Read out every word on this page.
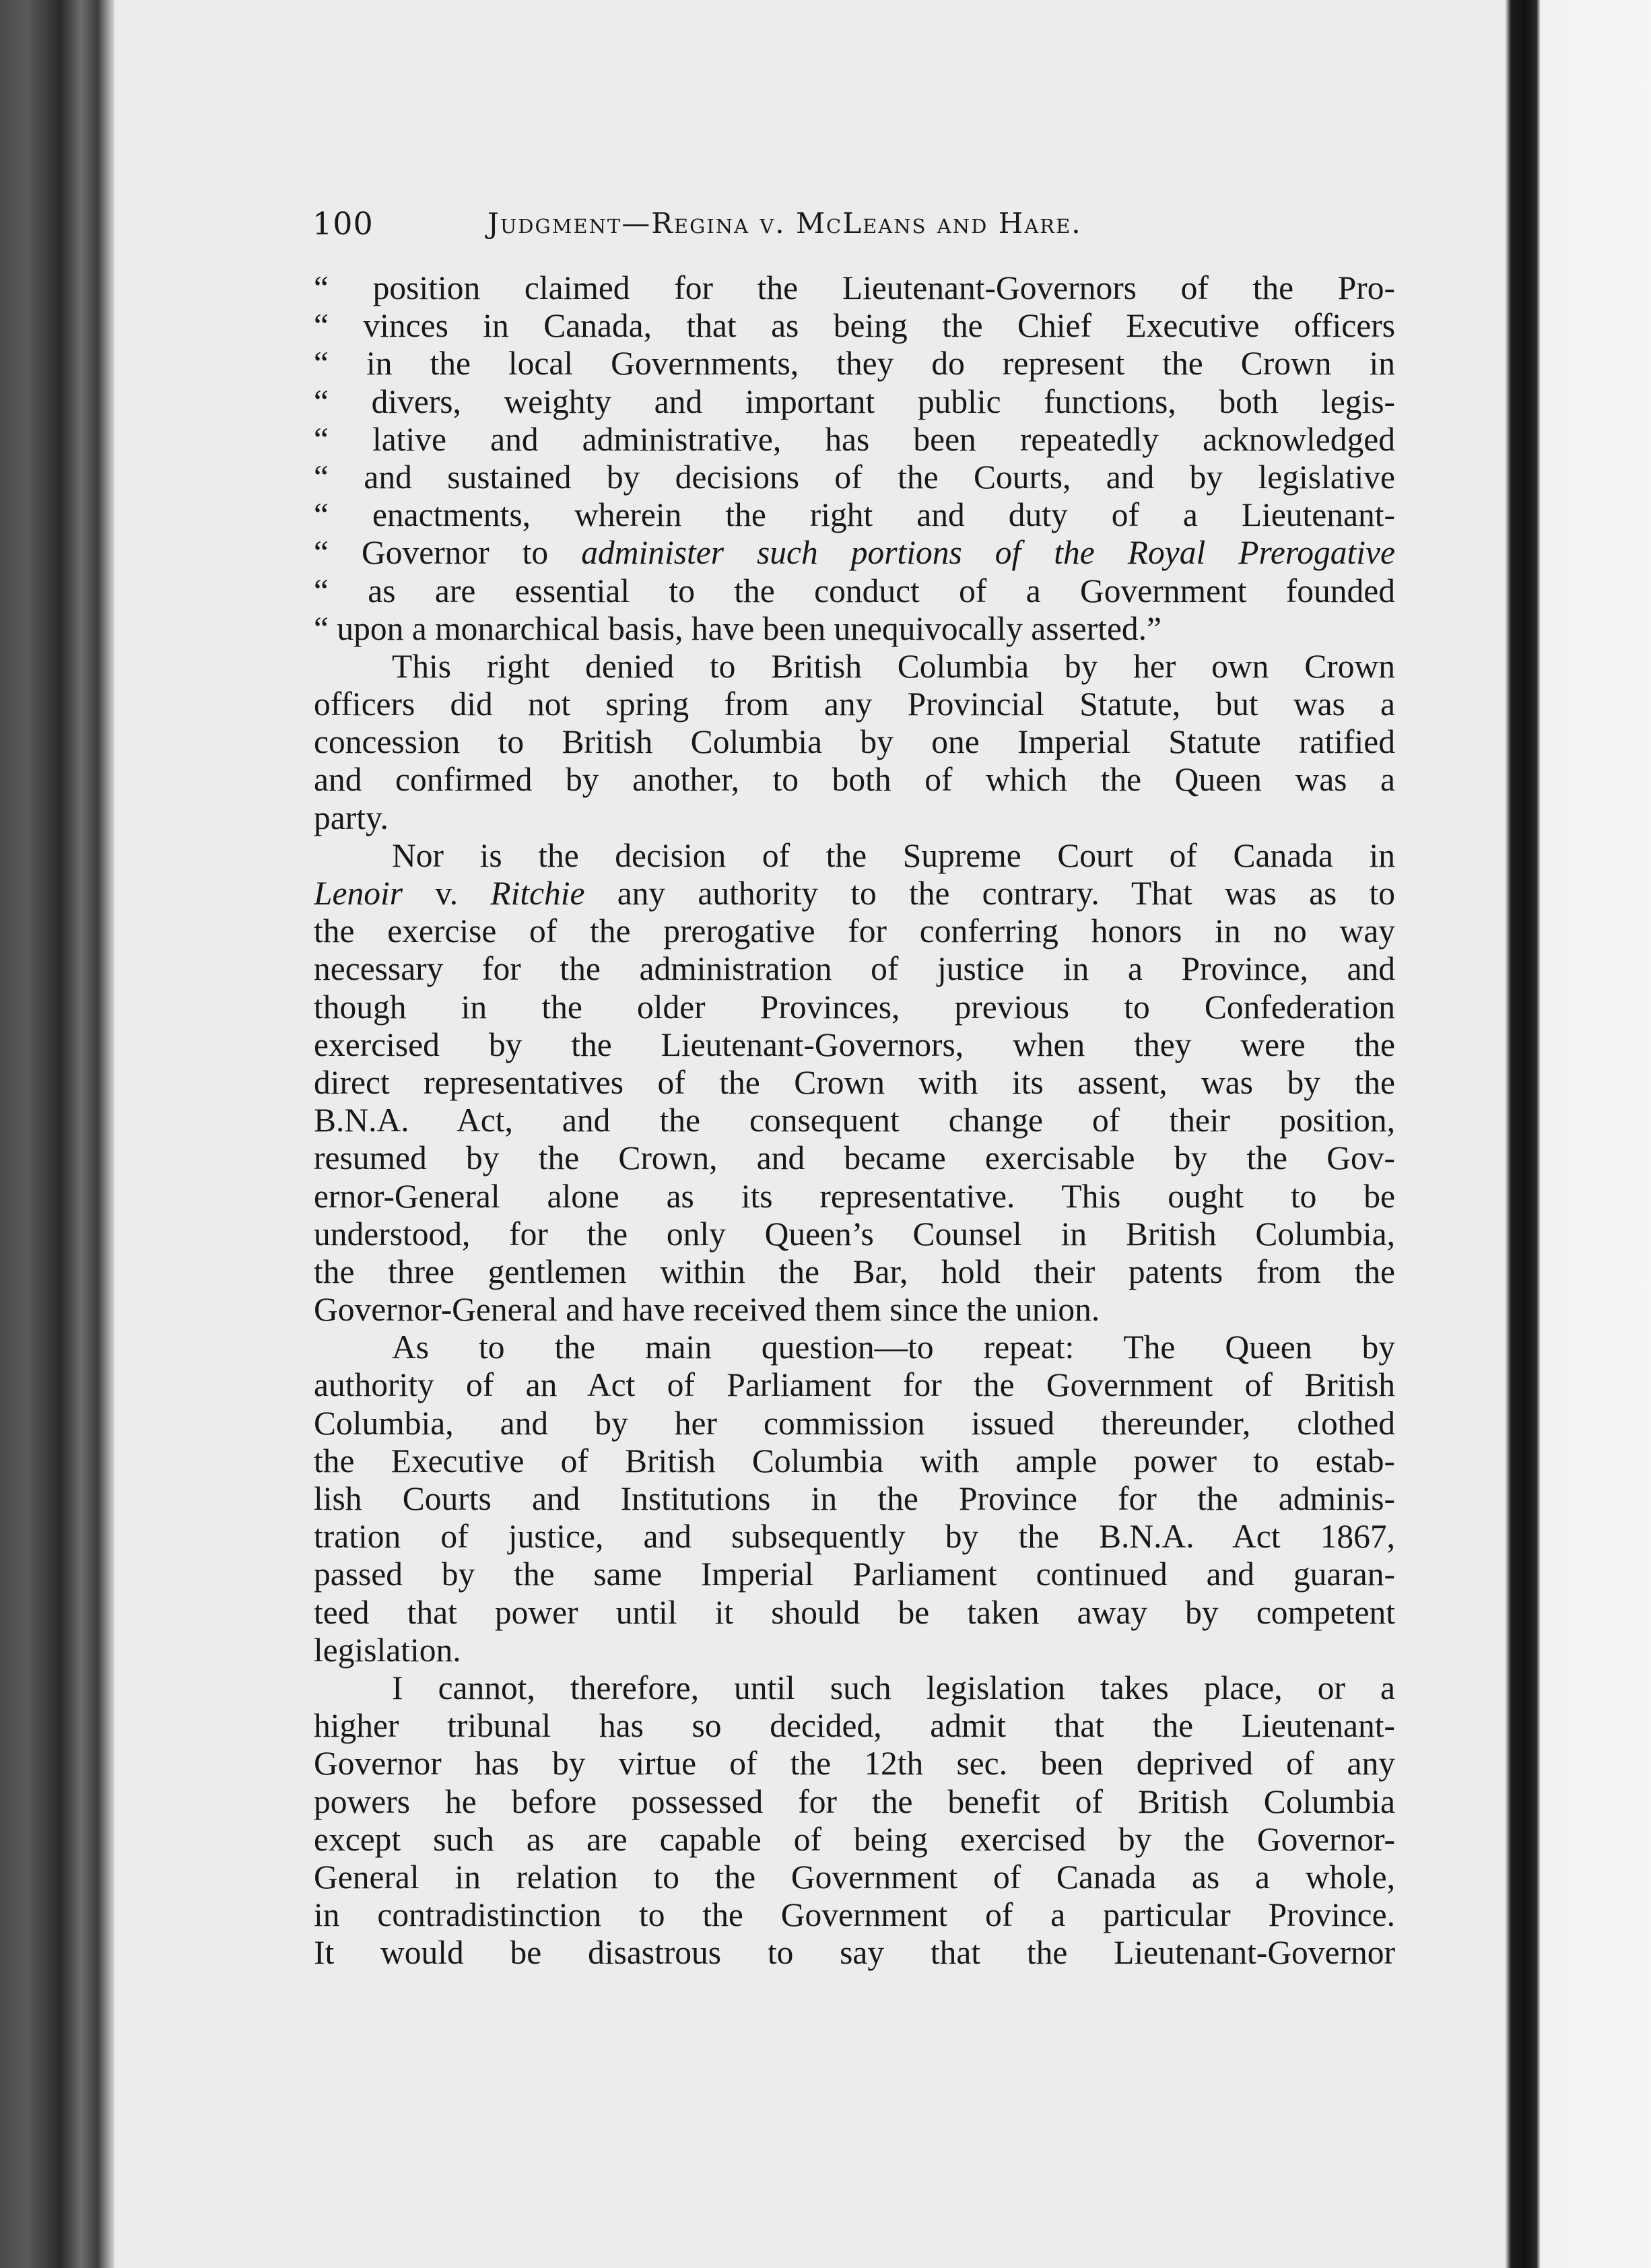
100	Judgment—Regina v. McLeans and Hare.
“ position claimed for the Lieutenant-Governors of the Pro-
“ vinces in Canada, that as being the Chief Executive officers
“ in the local Governments, they do represent the Crown in
“ divers, weighty and important public functions, both legis-
“ lative and administrative, has been repeatedly acknowledged
“ and sustained by decisions of the Courts, and by legislative
“ enactments, wherein the right and duty of a Lieutenant-
“ Governor to administer such portions of the Royal Prerogative
“ as are essential to the conduct of a Government founded
“ upon a monarchical basis, have been unequivocally asserted.”
This right denied to British Columbia by her own Crown
officers did not spring from any Provincial Statute, but was a
concession to British Columbia by one Imperial Statute ratified
and confirmed by another, to both of which the Queen was a
party.
Nor is the decision of the Supreme Court of Canada in
Lenoir v. Ritchie any authority to the contrary. That was as to
the exercise of the prerogative for conferring honors in no way
necessary for the administration of justice in a Province, and
though in the older Provinces, previous to Confederation
exercised by the Lieutenant-Governors, when they were the
direct representatives of the Crown with its assent, was by the
B.N.A. Act, and the consequent change of their position,
resumed by the Crown, and became exercisable by the Gov-
ernor-General alone as its representative. This ought to be
understood, for the only Queen’s Counsel in British Columbia,
the three gentlemen within the Bar, hold their patents from the
Governor-General and have received them since the union.
As to the main question—to repeat: The Queen by
authority of an Act of Parliament for the Government of British
Columbia, and by her commission issued thereunder, clothed
the Executive of British Columbia with ample power to estab-
lish Courts and Institutions in the Province for the adminis-
tration of justice, and subsequently by the B.N.A. Act 1867,
passed by the same Imperial Parliament continued and guaran-
teed that power until it should be taken away by competent
legislation.
I cannot, therefore, until such legislation takes place, or a
higher tribunal has so decided, admit that the Lieutenant-
Governor has by virtue of the 12th sec. been deprived of any
powers he before possessed for the benefit of British Columbia
except such as are capable of being exercised by the Governor-
General in relation to the Government of Canada as a whole,
in contradistinction to the Government of a particular Province.
It would be disastrous to say that the Lieutenant-Governor
